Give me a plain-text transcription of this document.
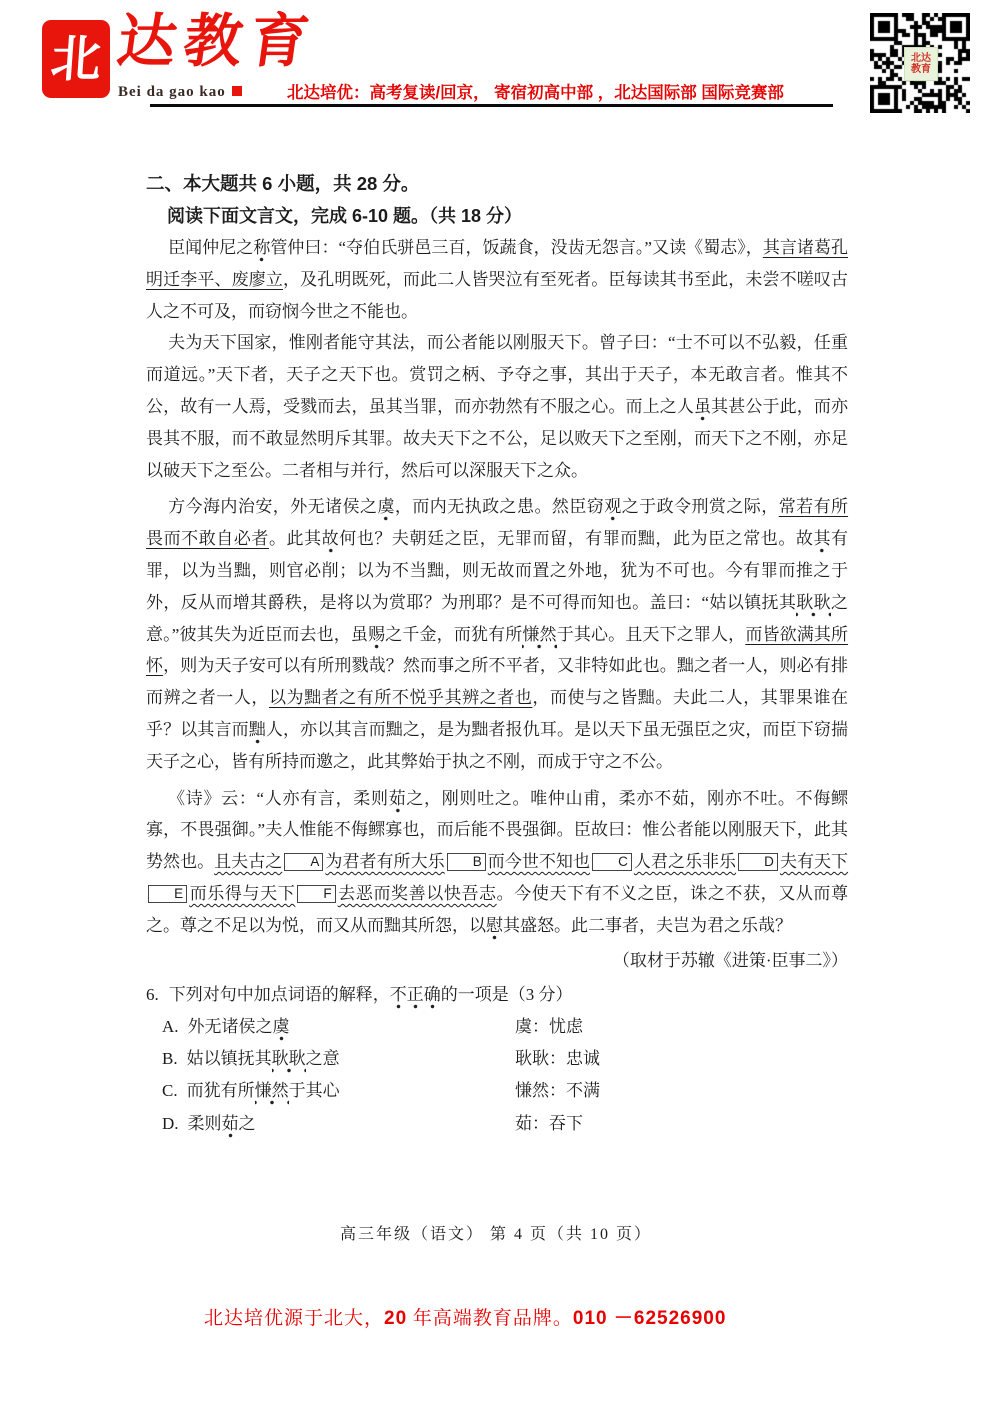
北 达教育
Bei da gao kao	北达培优：高考复读/回京， 寄宿初高中部 ，北达国际部 国际竞赛部
北达
教育
二、本大题共 6 小题，共 28 分。
阅读下面文言文，完成 6-10 题。（共 18 分）

臣闻仲尼之称管仲曰：“夺伯氏骈邑三百，饭蔬食，没齿无怨言。”又读《蜀志》，其言诸葛孔明迁李平、废廖立，及孔明既死，而此二人皆哭泣有至死者。臣每读其书至此，未尝不嗟叹古人之不可及，而窃悯今世之不能也。

夫为天下国家，惟刚者能守其法，而公者能以刚服天下。曾子曰：“士不可以不弘毅，任重而道远。”天下者，天子之天下也。赏罚之柄、予夺之事，其出于天子，本无敢言者。惟其不公，故有一人焉，受戮而去，虽其当罪，而亦勃然有不服之心。而上之人虽其甚公于此，而亦畏其不服，而不敢显然明斥其罪。故夫天下之不公，足以败天下之至刚，而天下之不刚，亦足以破天下之至公。二者相与并行，然后可以深服天下之众。

方今海内治安，外无诸侯之虞，而内无执政之患。然臣窃观之于政令刑赏之际，常若有所畏而不敢自必者。此其故何也？夫朝廷之臣，无罪而留，有罪而黜，此为臣之常也。故其有罪，以为当黜，则官必削；以为不当黜，则无故而置之外地，犹为不可也。今有罪而推之于外，反从而增其爵秩，是将以为赏耶？为刑耶？是不可得而知也。盖曰：“姑以镇抚其耿耿之意。”彼其失为近臣而去也，虽赐之千金，而犹有所慊然于其心。且天下之罪人，而皆欲满其所怀，则为天子安可以有所刑戮哉？然而事之所不平者，又非特如此也。黜之者一人，则必有排而辨之者一人，以为黜者之有所不悦乎其辨之者也，而使与之皆黜。夫此二人，其罪果谁在乎？以其言而黜人，亦以其言而黜之，是为黜者报仇耳。是以天下虽无强臣之灾，而臣下窃揣天子之心，皆有所持而邀之，此其弊始于执之不刚，而成于守之不公。

《诗》云：“人亦有言，柔则茹之，刚则吐之。唯仲山甫，柔亦不茹，刚亦不吐。不侮鳏寡，不畏强御。”夫人惟能不侮鳏寡也，而后能不畏强御。臣故曰：惟公者能以刚服天下，此其势然也。且夫古之 A 为君者有所大乐 B 而今世不知也 C 人君之乐非乐 D 夫有天下E 而乐得与天下 F 去恶而奖善以快吾志。今使天下有不义之臣，诛之不获，又从而尊之。尊之不足以为悦，而又从而黜其所怨，以慰其盛怒。此二事者，夫岂为君之乐哉？

（取材于苏辙《进策·臣事二》）
6. 下列对句中加点词语的解释，不正确的一项是（3 分）
A. 外无诸侯之虞	虞：忧虑
B. 姑以镇抚其耿耿之意	耿耿：忠诚
C. 而犹有所慊然于其心	慊然：不满
D. 柔则茹之	茹：吞下
高三年级（语文） 第 4 页（共 10 页）
北达培优源于北大，20 年高端教育品牌。010 －62526900
